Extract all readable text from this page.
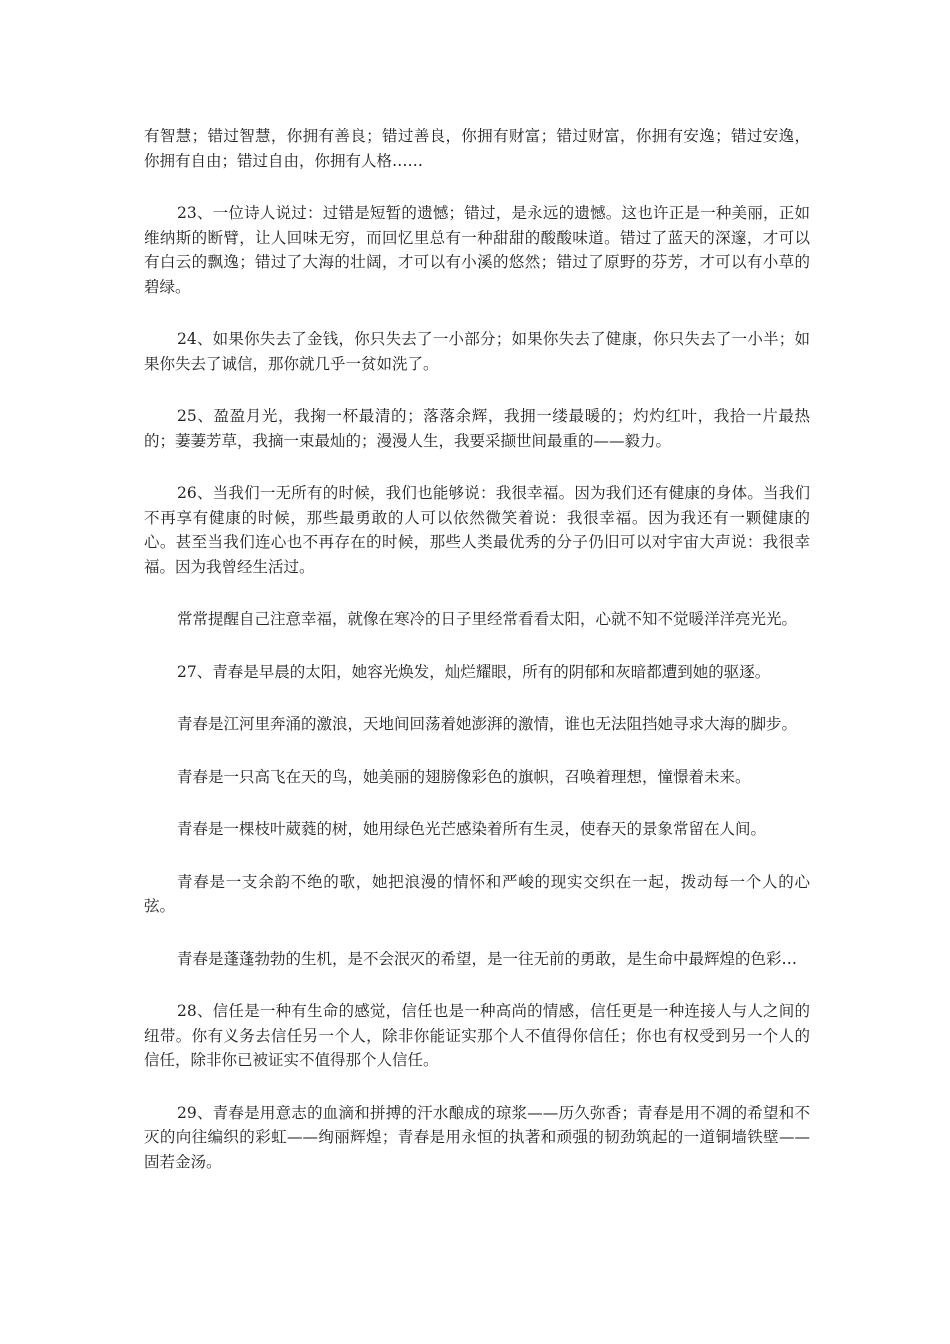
有智慧；错过智慧，你拥有善良；错过善良，你拥有财富；错过财富，你拥有安逸；错过安逸，你拥有自由；错过自由，你拥有人格……

23、一位诗人说过：过错是短暂的遗憾；错过，是永远的遗憾。这也许正是一种美丽，正如维纳斯的断臂，让人回味无穷，而回忆里总有一种甜甜的酸酸味道。错过了蓝天的深邃，才可以有白云的飘逸；错过了大海的壮阔，才可以有小溪的悠然；错过了原野的芬芳，才可以有小草的碧绿。

24、如果你失去了金钱，你只失去了一小部分；如果你失去了健康，你只失去了一小半；如果你失去了诚信，那你就几乎一贫如洗了。

25、盈盈月光，我掬一杯最清的；落落余辉，我拥一缕最暖的；灼灼红叶，我拾一片最热的；萋萋芳草，我摘一束最灿的；漫漫人生，我要采撷世间最重的——毅力。

26、当我们一无所有的时候，我们也能够说：我很幸福。因为我们还有健康的身体。当我们不再享有健康的时候，那些最勇敢的人可以依然微笑着说：我很幸福。因为我还有一颗健康的心。甚至当我们连心也不再存在的时候，那些人类最优秀的分子仍旧可以对宇宙大声说：我很幸福。因为我曾经生活过。

常常提醒自己注意幸福，就像在寒冷的日子里经常看看太阳，心就不知不觉暖洋洋亮光光。

27、青春是早晨的太阳，她容光焕发，灿烂耀眼，所有的阴郁和灰暗都遭到她的驱逐。

青春是江河里奔涌的激浪，天地间回荡着她澎湃的激情，谁也无法阻挡她寻求大海的脚步。

青春是一只高飞在天的鸟，她美丽的翅膀像彩色的旗帜，召唤着理想，憧憬着未来。

青春是一棵枝叶葳蕤的树，她用绿色光芒感染着所有生灵，使春天的景象常留在人间。

青春是一支余韵不绝的歌，她把浪漫的情怀和严峻的现实交织在一起，拨动每一个人的心弦。

青春是蓬蓬勃勃的生机，是不会泯灭的希望，是一往无前的勇敢，是生命中最辉煌的色彩…

28、信任是一种有生命的感觉，信任也是一种高尚的情感，信任更是一种连接人与人之间的纽带。你有义务去信任另一个人，除非你能证实那个人不值得你信任；你也有权受到另一个人的信任，除非你已被证实不值得那个人信任。

29、青春是用意志的血滴和拼搏的汗水酿成的琼浆——历久弥香；青春是用不凋的希望和不灭的向往编织的彩虹——绚丽辉煌；青春是用永恒的执著和顽强的韧劲筑起的一道铜墙铁壁——固若金汤。
